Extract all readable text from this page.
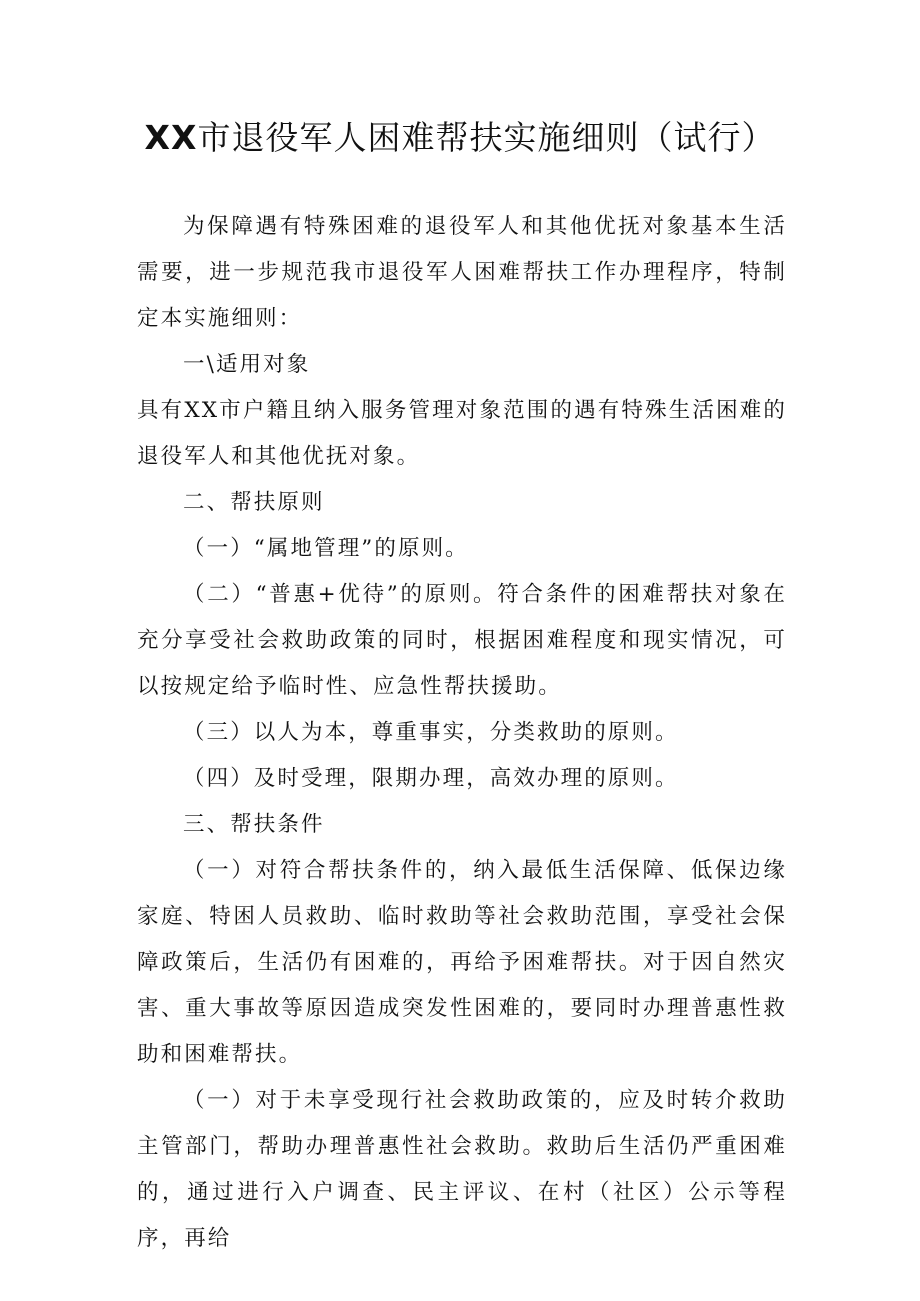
XX市退役军人困难帮扶实施细则（试行）

为保障遇有特殊困难的退役军人和其他优抚对象基本生活需要，进一步规范我市退役军人困难帮扶工作办理程序，特制定本实施细则：

一\适用对象

具有XX市户籍且纳入服务管理对象范围的遇有特殊生活困难的退役军人和其他优抚对象。

二、帮扶原则

（一）“属地管理”的原则。

（二）“普惠+优待”的原则。符合条件的困难帮扶对象在充分享受社会救助政策的同时，根据困难程度和现实情况，可以按规定给予临时性、应急性帮扶援助。

（三）以人为本，尊重事实，分类救助的原则。

（四）及时受理，限期办理，高效办理的原则。

三、帮扶条件

（一）对符合帮扶条件的，纳入最低生活保障、低保边缘家庭、特困人员救助、临时救助等社会救助范围，享受社会保障政策后，生活仍有困难的，再给予困难帮扶。对于因自然灾害、重大事故等原因造成突发性困难的，要同时办理普惠性救助和困难帮扶。

（一）对于未享受现行社会救助政策的，应及时转介救助主管部门，帮助办理普惠性社会救助。救助后生活仍严重困难的，通过进行入户调查、民主评议、在村（社区）公示等程序，再给
